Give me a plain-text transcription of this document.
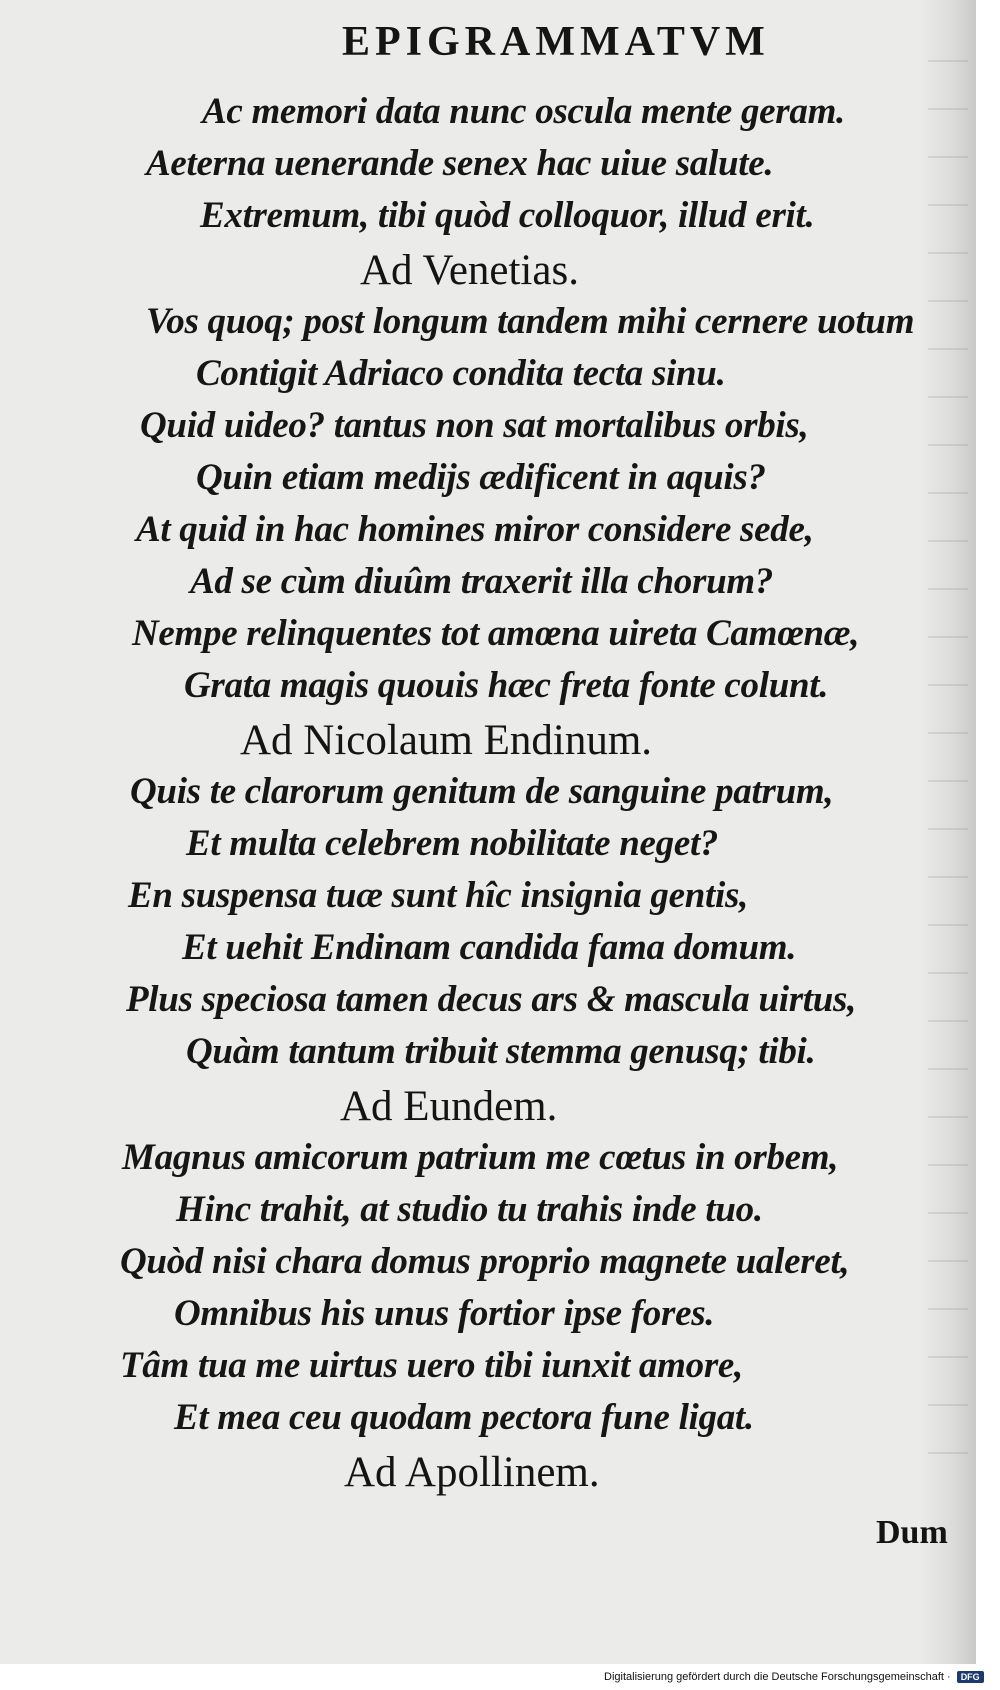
EPIGRAMMATVM
Ac memori data nunc oscula mente geram.
Aeterna uenerande senex hac uiue salute.
Extremum, tibi quòd colloquor, illud erit.
Ad Venetias.
Vos quoq; post longum tandem mihi cernere uotum
Contigit Adriaco condita tecta sinu.
Quid uideo? tantus non sat mortalibus orbis,
Quin etiam medijs ædificent in aquis?
At quid in hac homines miror considere sede,
Ad se cùm diuûm traxerit illa chorum?
Nempe relinquentes tot amœna uireta Camœnæ,
Grata magis quouis hæc freta fonte colunt.
Ad Nicolaum Endinum.
Quis te clarorum genitum de sanguine patrum,
Et multa celebrem nobilitate neget?
En suspensa tuæ sunt hîc insignia gentis,
Et uehit Endinam candida fama domum.
Plus speciosa tamen decus ars & mascula uirtus,
Quàm tantum tribuit stemma genusq; tibi.
Ad Eundem.
Magnus amicorum patrium me cœtus in orbem,
Hinc trahit, at studio tu trahis inde tuo.
Quòd nisi chara domus proprio magnete ualeret,
Omnibus his unus fortior ipse fores.
Tâm tua me uirtus uero tibi iunxit amore,
Et mea ceu quodam pectora fune ligat.
Ad Apollinem.
Dum
Digitalisierung gefördert durch die Deutsche Forschungsgemeinschaft ·	DFG
